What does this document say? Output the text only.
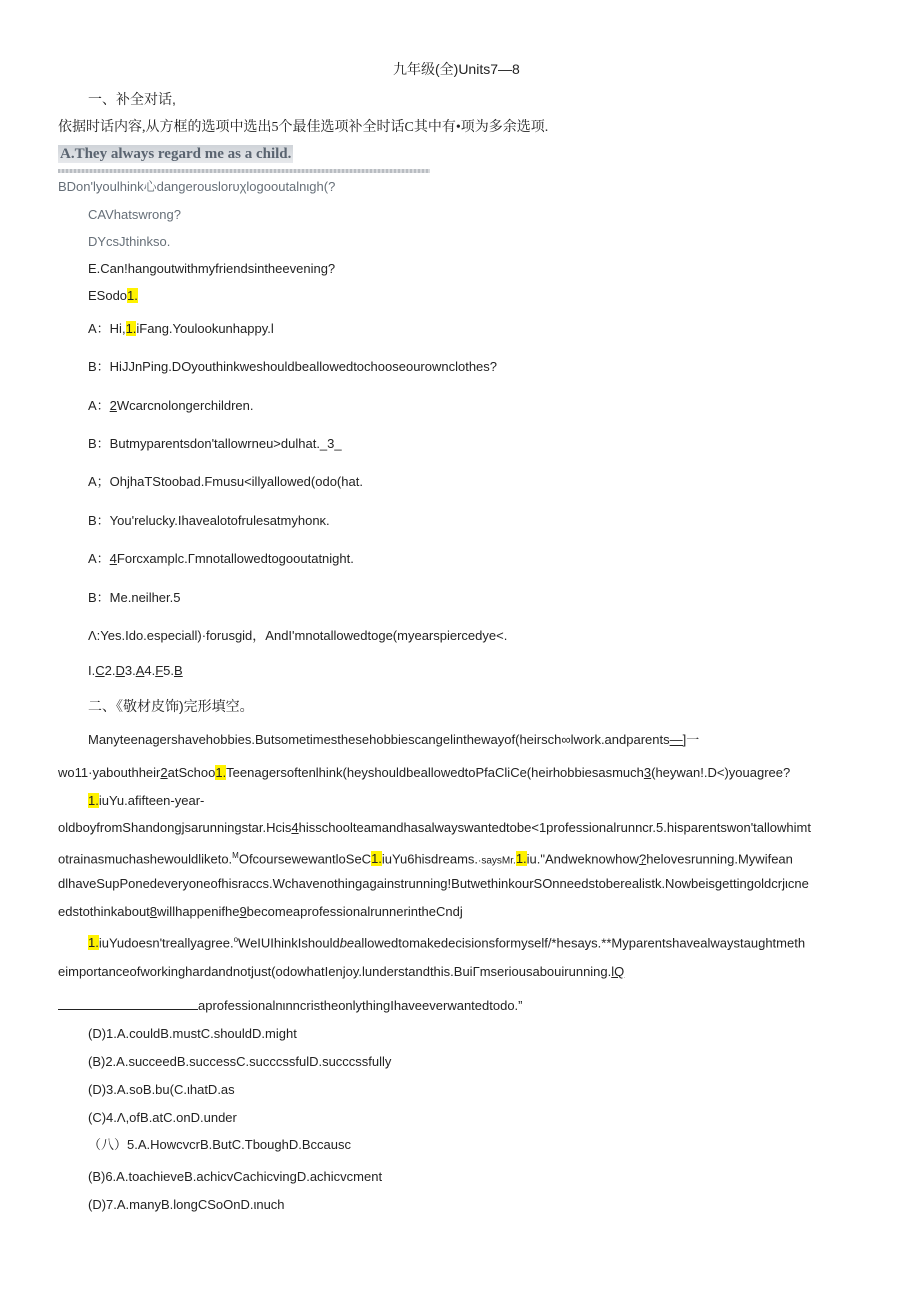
九年级(全)Units7—8
一、补全对话,
依据时话内容,从方框的选项中选出5个最佳选项补全时话C其中有•项为多余选项.
A.They always regard me as a child.
BDon'lyoulhink心dangerouslorυχlogooutalnιgh(?
CAVhatswrong?
DYcsJthinkso.
E.Can!hangoutwithmyfriendsintheevening?
ESodo1.
A：Hi,1.iFang.Youlookunhappy.l
B：HiJJnPing.DOyouthinkweshouldbeallowedtochooseourownclothes?
A：2Wcarcnolongerchildren.
B：Butmyparentsdon'tallowrneu>dulhat._3_
A；OhjhaTStoobad.Fmusu<illyallowed(odo(hat.
B：You'relucky.Ihavealotofrulesatmyhonκ.
A：4Forcxamplc.Γmnotallowedtogooutatnight.
B：Me.neilher.5
Λ:Yes.Ido.especiall)·forusgid，AndI'mnotallowedtoge(myearspiercedye<.
I.C2.D3.A4.F5.B
二、《敬材皮饰)完形填空。
Manyteenagershavehobbies.Butsometimesthesehobbiescangelinthewayof(heirsch∞lwork.andparents—]一
wo11·yabouthheir2atSchoo1.Teenagersoftenlhink(heyshouldbeallowedtoPfaCliCe(heirhobbiesasmuch3(heywan!.D<)youagree?
1.iuYu.afifteen-year-
oldboyfromShandongjsarunningstar.Hcis4hisschoolteamandhasalwayswantedtobe<1professionalrunncr.5.hisparentswon'tallowhimt
otrainasmuchashewouldliketo.$^M$OfcoursewewantloSeC1.iuYu6hisdreams.·saysMr.1.iu."Andweknowhow?helovesrunning.Mywifean
dlhaveSupPonedeveryoneofhisraccs.Wchavenothingagainstrunning!ButwethinkourSOnneedstoberealistk.Nowbeisgettingoldcrjιcne
edstothinkabout8willhappenifhe9becomeaprofessionalrunnerintheCndj
1.iuYudoesn'treallyagree.$^o$WeIUIhinkIshouldbeallowedtomakedecisionsformyself/*hesays.**Myparentshavealwaystaughtmeth
eimportanceofworkinghardandnotjust(odowhatIenjoy.lunderstandthis.BuiΓmseriousabouirunning.lQ
aprofessionalnιnncristheonlythingIhaveeverwantedtodo.”
(D)1.A.couldB.mustC.shouldD.might
(B)2.A.succeedB.successC.succcssfulD.succcssfully
(D)3.A.soB.bu(C.ιhatD.as
(C)4.Λ,ofB.atC.onD.under
（八）5.A.HowcvcrB.ButC.TboughD.Bccausc
(B)6.A.toachieveB.achicvCachicvingD.achicvcment
(D)7.A.manyB.longCSoOnD.ιnuch
